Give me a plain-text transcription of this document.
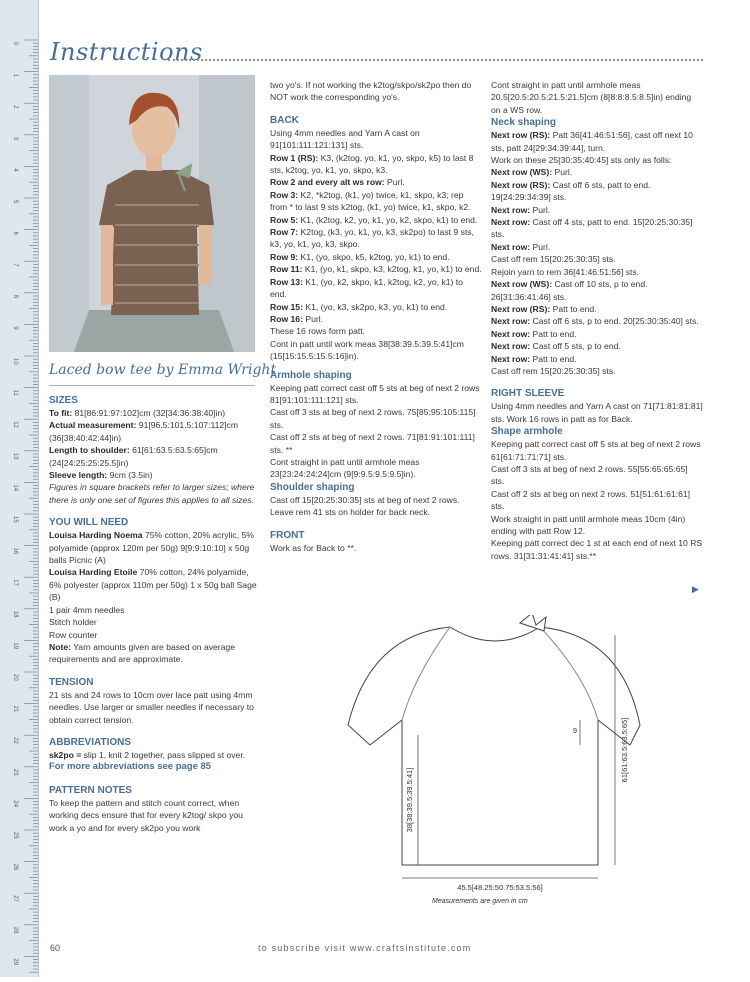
0
1
2
3
4
5
6
7
8
9
10
11
12
13
14
15
16
17
18
19
20
21
22
23
24
25
26
27
28
29
Instructions
Laced bow tee by Emma Wright

SIZES

To fit: 81[86:91:97:102]cm (32[34:36:38:40]in)

Actual measurement: 91[96.5:101.5:107:112]cm (36[38:40:42:44]in)

Length to shoulder: 61[61:63.5:63.5:65]cm (24[24:25:25:25.5]in)

Sleeve length: 9cm (3.5in)

Figures in square brackets refer to larger sizes; where there is only one set of figures this applies to all sizes.

YOU WILL NEED

Louisa Harding Noema 75% cotton, 20% acrylic, 5% polyamide (approx 120m per 50g) 9[9:9:10:10] x 50g balls Picnic (A)

Louisa Harding Etoile 70% cotton, 24% polyamide, 6% polyester (approx 110m per 50g) 1 x 50g ball Sage (B)

1 pair 4mm needles

Stitch holder

Row counter

Note: Yarn amounts given are based on average requirements and are approximate.

TENSION

21 sts and 24 rows to 10cm over lace patt using 4mm needles. Use larger or smaller needles if necessary to obtain correct tension.

ABBREVIATIONS

sk2po = slip 1, knit 2 together, pass slipped st over.

For more abbreviations see page 85

PATTERN NOTES

To keep the pattern and stitch count correct, when working decs ensure that for every k2tog/ skpo you work a yo and for every sk2po you work

two yo's. If not working the k2tog/skpo/sk2po then do NOT work the corresponding yo's.

BACK

Using 4mm needles and Yarn A cast on 91[101:111:121:131] sts.

Row 1 (RS): K3, (k2tog, yo, k1, yo, skpo, k5) to last 8 sts, k2tog, yo, k1, yo, skpo, k3.

Row 2 and every alt ws row: Purl.

Row 3: K2, *k2tog, (k1, yo) twice, k1, skpo, k3; rep from * to last 9 sts k2tog, (k1, yo) twice, k1, skpo, k2.

Row 5: K1, (k2tog, k2, yo, k1, yo, k2, skpo, k1) to end.

Row 7: K2tog, (k3, yo, k1, yo, k3, sk2po) to last 9 sts, k3, yo, k1, yo, k3, skpo.

Row 9: K1, (yo, skpo, k5, k2tog, yo, k1) to end.

Row 11: K1, (yo, k1, skpo, k3, k2tog, k1, yo, k1) to end.

Row 13: K1, (yo, k2, skpo, k1, k2tog, k2, yo, k1) to end.

Row 15: K1, (yo, k3, sk2po, k3, yo, k1) to end.

Row 16: Purl.

These 16 rows form patt.

Cont in patt until work meas 38[38:39.5:39.5:41]cm (15[15:15.5:15.5:16]in).

Armhole shaping

Keeping patt correct cast off 5 sts at beg of next 2 rows 81[91:101:111:121] sts.

Cast off 3 sts at beg of next 2 rows. 75[85:95:105:115] sts.

Cast off 2 sts at beg of next 2 rows. 71[81:91:101:111] sts. **

Cont straight in patt until armhole meas 23[23:24:24:24]cm (9[9:9.5:9.5:9.5]in).

Shoulder shaping

Cast off 15[20:25:30:35] sts at beg of next 2 rows. Leave rem 41 sts on holder for back neck.

FRONT

Work as for Back to **.

Cont straight in patt until armhole meas 20.5[20.5:20.5:21.5:21.5]cm (8[8:8:8.5:8.5]in) ending on a WS row.

Neck shaping

Next row (RS): Patt 36[41:46:51:56], cast off next 10 sts, patt 24[29:34:39:44], turn.

Work on these 25[30:35:40:45] sts only as folls:

Next row (WS): Purl.

Next row (RS): Cast off 6 sts, patt to end. 19[24:29:34:39] sts.

Next row: Purl.

Next row: Cast off 4 sts, patt to end. 15[20:25:30:35] sts.

Next row: Purl.

Cast off rem 15[20:25:30:35] sts.

Rejoin yarn to rem 36[41:46:51:56] sts.

Next row (WS): Cast off 10 sts, p to end. 26[31:36:41:46] sts.

Next row (RS): Patt to end.

Next row: Cast off 6 sts, p to end. 20[25:30:35:40] sts.

Next row: Patt to end.

Next row: Cast off 5 sts, p to end.

Next row: Patt to end.

Cast off rem 15[20:25:30:35] sts.

RIGHT SLEEVE

Using 4mm needles and Yarn A cast on 71[71:81:81:81] sts. Work 16 rows in patt as for Back.

Shape armhole

Keeping patt correct cast off 5 sts at beg of next 2 rows 61[61:71:71:71] sts.

Cast off 3 sts at beg of next 2 rows. 55[55:65:65:65] sts.

Cast off 2 sts at beg on next 2 rows. 51[51:61:61:61] sts.

Work straight in patt until armhole meas 10cm (4in) ending with patt Row 12.

Keeping patt correct dec 1 st at each end of next 10 RS rows. 31[31:31:41:41] sts.**

▶
38[38:39.5:39.5:41]
45.5[48.25:50.75:53.5:56]
61[61:63.5:63.5:65]
9
Measurements are given in cm
60	to subscribe visit www.craftsinstitute.com
